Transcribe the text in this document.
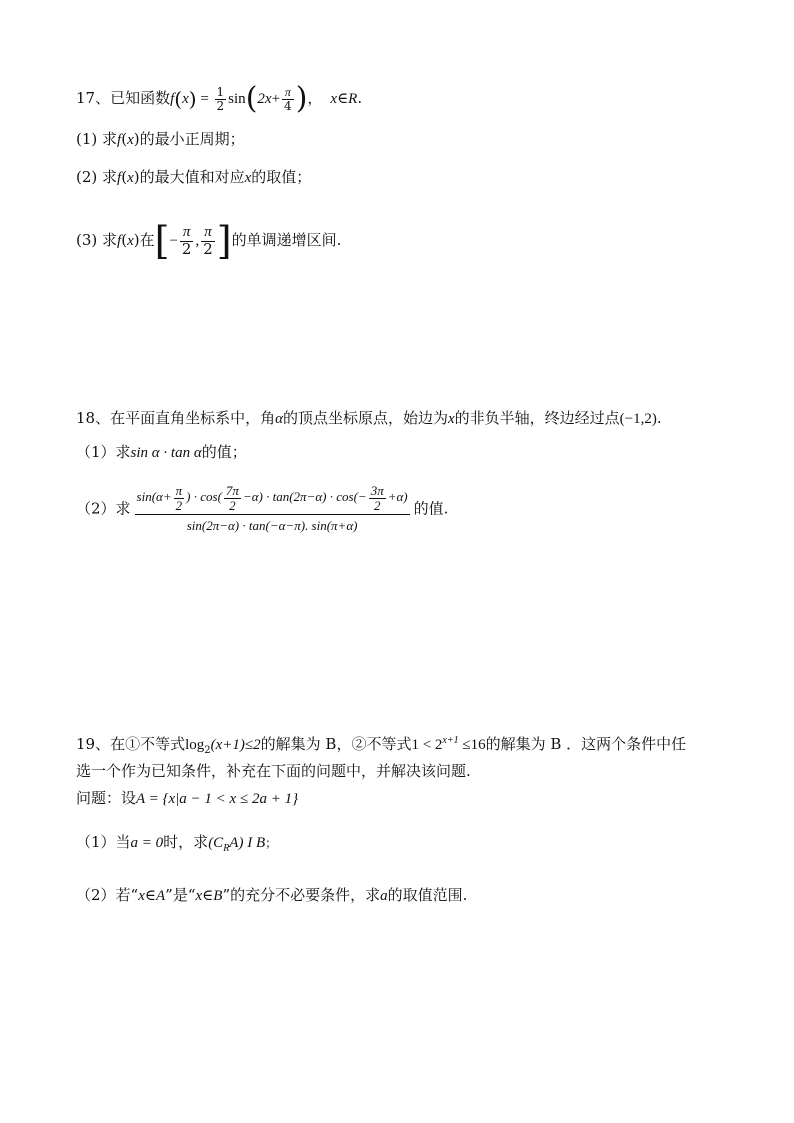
17、已知函数$f(x) = \frac{1}{2} \sin(2x+ \frac{\pi}{4}$ )， x∈R.
(1) 求f(x)的最小正周期；
(2) 求f(x)的最大值和对应x的取值；
(3) 求f(x)在[− $\frac{\pi}{2}$ , $\frac{\pi}{2}$ ]的单调递增区间.
18、在平面直角坐标系中，角α的顶点坐标原点，始边为x的非负半轴，终边经过点(−1,2).
（1）求sin α · tan α的值；
（2）求 $\frac{\sin(\alpha+ \frac{\pi}{2} ) \cdot \cos( \frac{7\pi}{2} -\alpha) \cdot \tan(2\pi-\alpha) \cdot \cos(- \frac{3\pi}{2} +\alpha)}{\sin(2\pi-\alpha) \cdot \tan(-\alpha-\pi). \sin(\pi+\alpha)}$ 的值.
19、在①不等式$\log_2(x+1)\le 2$的解集为 B，②不等式$1 < 2^{x+1} \le 16$的解集为 B ．这两个条件中任
选一个作为已知条件，补充在下面的问题中，并解决该问题.
问题：设A = {x|a − 1 < x ≤ 2a + 1}
（1）当a = 0时，求$(C_RA)$ I B；
（2）若“x∈A”是“x∈B”的充分不必要条件，求a的取值范围.
